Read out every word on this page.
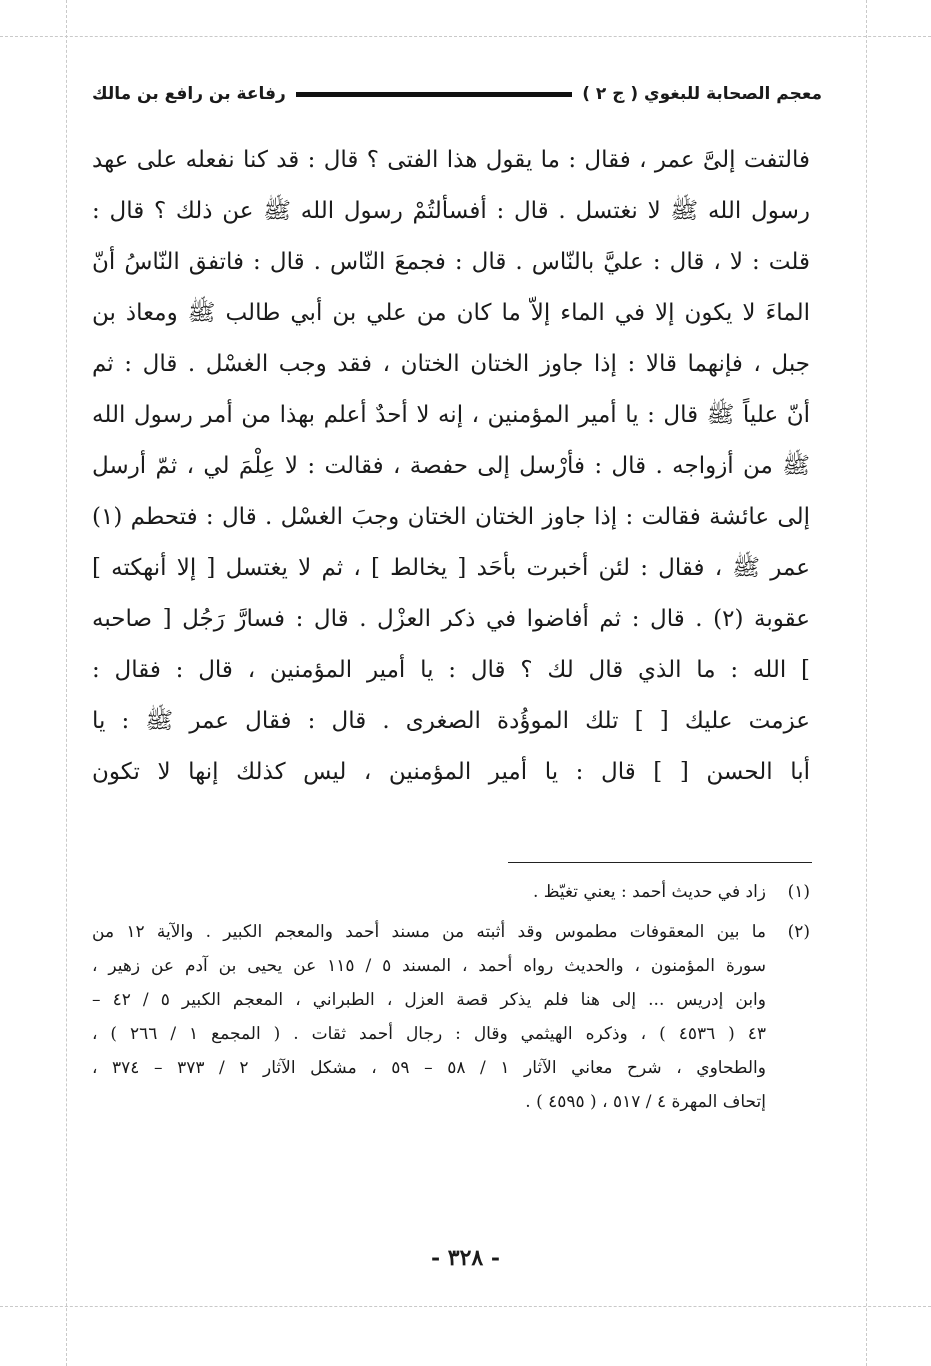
معجم الصحابة للبغوي ( ج ٢ )
رفاعة بن رافع بن مالك
فالتفت إلىَّ عمر ، فقال : ما يقول هذا الفتى ؟ قال : قد كنا نفعله على عهد
رسول الله ﷺ لا نغتسل . قال : أفسألتُمْ رسول الله ﷺ عن ذلك ؟ قال :
قلت : لا ، قال : عليَّ بالنّاس . قال : فجمعَ النّاس . قال : فاتفق النّاسُ أنّ
الماءَ لا يكون إلا في الماء إلاّ ما كان من علي بن أبي طالب ﷺ ومعاذ بن
جبل ، فإنهما قالا : إذا جاوز الختان الختان ، فقد وجب الغسْل . قال : ثم
أنّ علياً ﷺ قال : يا أمير المؤمنين ، إنه لا أحدٌ أعلم بهذا من أمر رسول الله
ﷺ من أزواجه . قال : فأرْسل إلى حفصة ، فقالت : لا عِلْمَ لي ، ثمّ أرسل
إلى عائشة فقالت : إذا جاوز الختان الختان وجبَ الغسْل . قال : فتحطم (١)
عمر ﷺ ، فقال : لئن أخبرت بأحَد [ يخالط ] ، ثم لا يغتسل [ إلا أنهكته ]
عقوبة (٢) . قال : ثم أفاضوا في ذكر العزْل . قال : فسارَّ رَجُل [ صاحبه
] الله : ما الذي قال لك ؟ قال : يا أمير المؤمنين ، قال : فقال :
عزمت عليك [ ] تلك الموؤُدة الصغرى . قال : فقال عمر ﷺ : يا
أبا الحسن [ ] قال : يا أمير المؤمنين ، ليس كذلك إنها لا تكون
(١)
زاد في حديث أحمد : يعني تغيّظ .
(٢)
ما بين المعقوفات مطموس وقد أثبته من مسند أحمد والمعجم الكبير . والآية ١٢ من
سورة المؤمنون ، والحديث رواه أحمد ، المسند ٥ / ١١٥ عن يحيى بن آدم عن زهير ،
وابن إدريس ... إلى هنا فلم يذكر قصة العزل ، الطبراني ، المعجم الكبير ٥ / ٤٢ –
٤٣ ( ٤٥٣٦ ) ، وذكره الهيثمي وقال : رجال أحمد ثقات . ( المجمع ١ / ٢٦٦ ) ،
والطحاوي ، شرح معاني الآثار ١ / ٥٨ – ٥٩ ، مشكل الآثار ٢ / ٣٧٣ – ٣٧٤ ،
إتحاف المهرة ٤ / ٥١٧ ، ( ٤٥٩٥ ) .
- ٣٢٨ -
